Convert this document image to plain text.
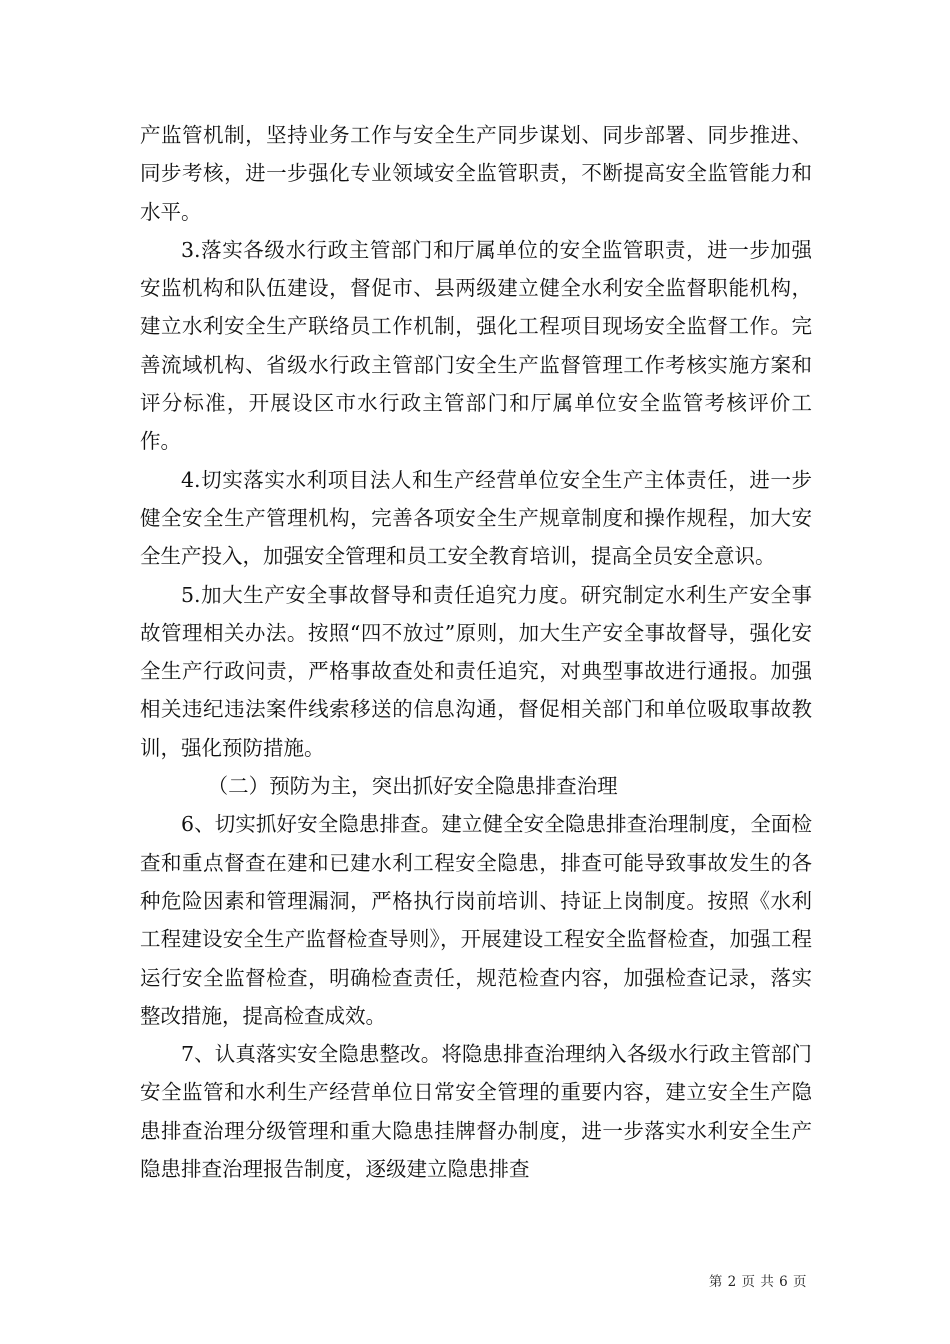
产监管机制，坚持业务工作与安全生产同步谋划、同步部署、同步推进、同步考核，进一步强化专业领域安全监管职责，不断提高安全监管能力和水平。

3.落实各级水行政主管部门和厅属单位的安全监管职责，进一步加强安监机构和队伍建设，督促市、县两级建立健全水利安全监督职能机构，建立水利安全生产联络员工作机制，强化工程项目现场安全监督工作。完善流域机构、省级水行政主管部门安全生产监督管理工作考核实施方案和评分标准，开展设区市水行政主管部门和厅属单位安全监管考核评价工作。

4.切实落实水利项目法人和生产经营单位安全生产主体责任，进一步健全安全生产管理机构，完善各项安全生产规章制度和操作规程，加大安全生产投入，加强安全管理和员工安全教育培训，提高全员安全意识。

5.加大生产安全事故督导和责任追究力度。研究制定水利生产安全事故管理相关办法。按照“四不放过”原则，加大生产安全事故督导，强化安全生产行政问责，严格事故查处和责任追究，对典型事故进行通报。加强相关违纪违法案件线索移送的信息沟通，督促相关部门和单位吸取事故教训，强化预防措施。

（二）预防为主，突出抓好安全隐患排查治理

6、切实抓好安全隐患排查。建立健全安全隐患排查治理制度，全面检查和重点督查在建和已建水利工程安全隐患，排查可能导致事故发生的各种危险因素和管理漏洞，严格执行岗前培训、持证上岗制度。按照《水利工程建设安全生产监督检查导则》，开展建设工程安全监督检查，加强工程运行安全监督检查，明确检查责任，规范检查内容，加强检查记录，落实整改措施，提高检查成效。

7、认真落实安全隐患整改。将隐患排查治理纳入各级水行政主管部门安全监管和水利生产经营单位日常安全管理的重要内容，建立安全生产隐患排查治理分级管理和重大隐患挂牌督办制度，进一步落实水利安全生产隐患排查治理报告制度，逐级建立隐患排查

第 2 页 共 6 页
